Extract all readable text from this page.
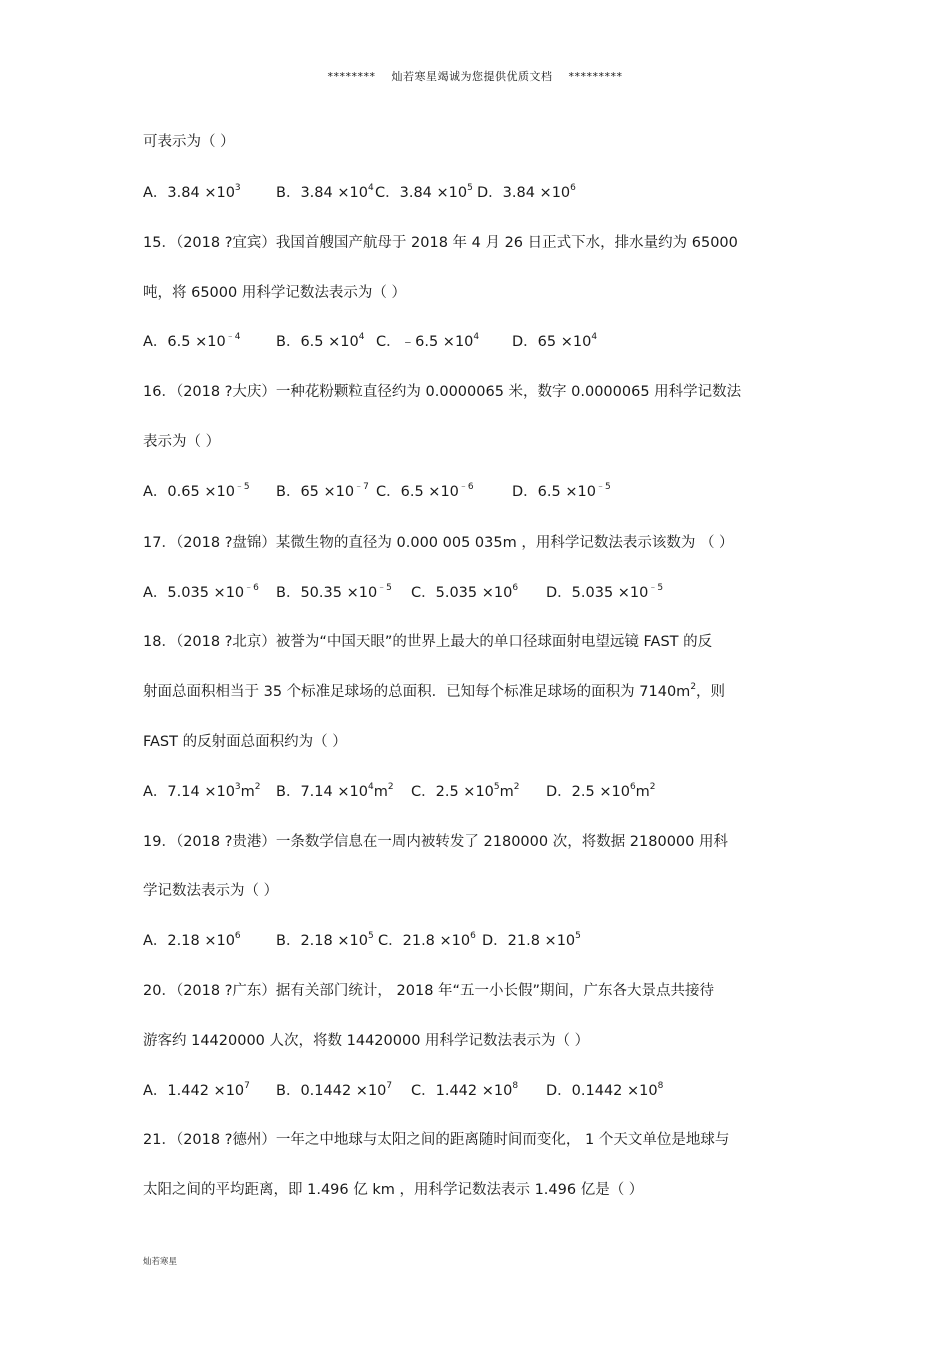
******** 灿若寒星竭诚为您提供优质文档 *********
可表示为（ ）
A．$3.84 \times 10^3$ B．$3.84 \times 10^4C$．$3.84 \times 10^5$ D．$3.84 \times 10^6$
15．（2018 ?宜宾）我国首艘国产航母于 2018 年 4 月 26 日正式下水，排水量约为 65000
吨，将 65000 用科学记数法表示为（ ）
A．$6.5 \times 10^{﹣4}$ B．$6.5 \times 10^4$ C．﹣6.5 $\times 10^4$ D．$65 \times 10^4$
16．（2018 ?大庆）一种花粉颗粒直径约为 0.0000065 米，数字 0.0000065 用科学记数法
表示为（ ）
A．$0.65 \times 10^{﹣5}$ B．$65 \times 10^{﹣7}$ C．$6.5 \times 10^{﹣6}$	D．$6.5 \times 10^{﹣5}$
17．（2018 ?盘锦）某微生物的直径为 0.000 005 035m ，用科学记数法表示该数为 （ ）
A．$5.035 \times 10^{﹣6}$ B．$50.35 \times 10^{﹣5}$ C．$5.035 \times 10^6$ D．$5.035 \times 10^{﹣5}$
18．（2018 ?北京）被誉为“中国天眼”的世界上最大的单口径球面射电望远镜 FAST 的反
射面总面积相当于 35 个标准足球场的总面积．已知每个标准足球场的面积为 $7140m^2$，则
FAST 的反射面总面积约为（ ）
A．$7.14 \times 10^3m^2$ B．$7.14 \times 10^4m^2$ C．$2.5 \times 10^5m^2$ D．$2.5 \times 10^6m^2$
19．（2018 ?贵港）一条数学信息在一周内被转发了 2180000 次，将数据 2180000 用科
学记数法表示为（ ）
A．$2.18 \times 10^6$ B．$2.18 \times 10^5$ C．$21.8 \times 10^6$ D．$21.8 \times 10^5$
20．（2018 ?广东）据有关部门统计， 2018 年“五一小长假”期间，广东各大景点共接待
游客约 14420000 人次，将数 14420000 用科学记数法表示为（ ）
A．$1.442 \times 10^7$ B．$0.1442 \times 10^7$ C．$1.442 \times 10^8$ D．$0.1442 \times 10^8$
21．（2018 ?德州）一年之中地球与太阳之间的距离随时间而变化， 1 个天文单位是地球与
太阳之间的平均距离，即 1.496 亿 km ，用科学记数法表示 1.496 亿是（ ）
灿若寒星
